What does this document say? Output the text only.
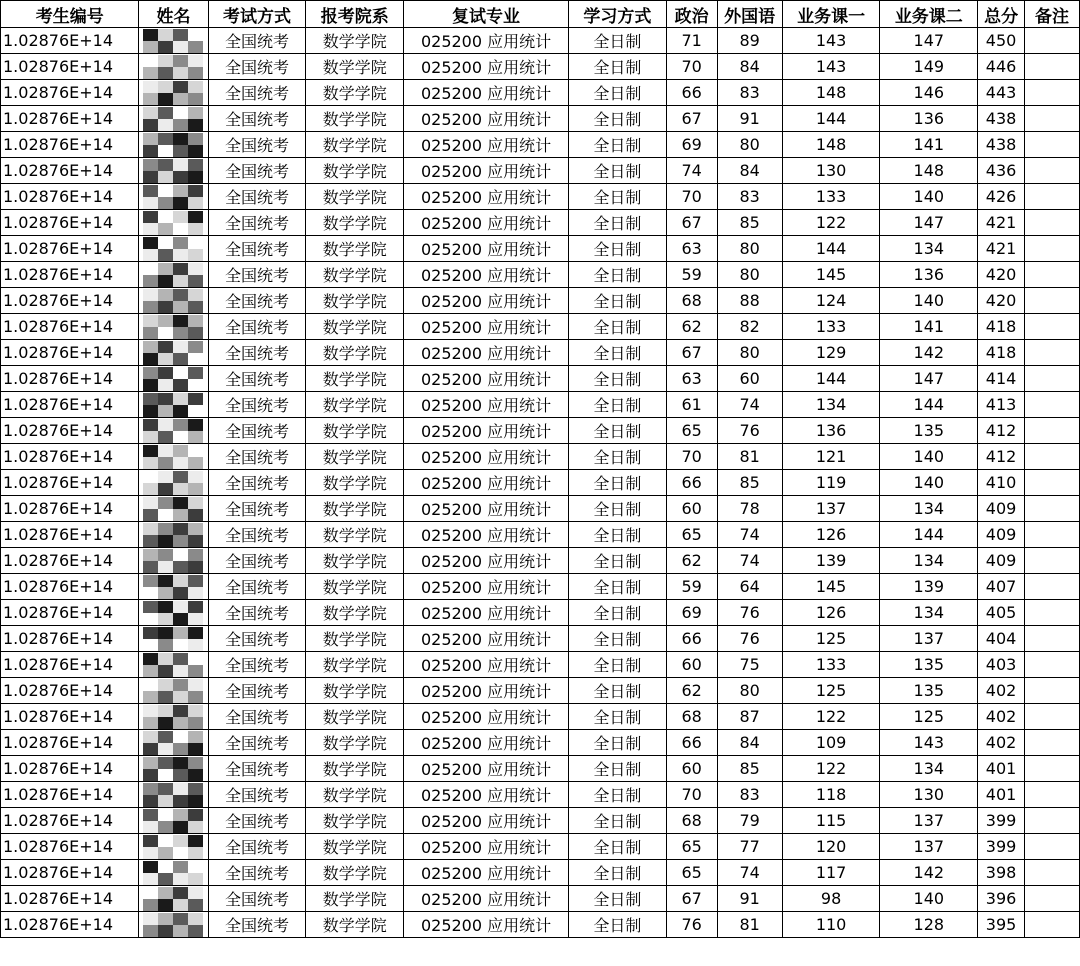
考生编号	姓名	考试方式	报考院系	复试专业	学习方式	政治	外国语	业务课一	业务课二	总分	备注
1.02876E+14		全国统考	数学学院	025200 应用统计	全日制	71	89	143	147	450	
1.02876E+14		全国统考	数学学院	025200 应用统计	全日制	70	84	143	149	446	
1.02876E+14		全国统考	数学学院	025200 应用统计	全日制	66	83	148	146	443	
1.02876E+14		全国统考	数学学院	025200 应用统计	全日制	67	91	144	136	438	
1.02876E+14		全国统考	数学学院	025200 应用统计	全日制	69	80	148	141	438	
1.02876E+14		全国统考	数学学院	025200 应用统计	全日制	74	84	130	148	436	
1.02876E+14		全国统考	数学学院	025200 应用统计	全日制	70	83	133	140	426	
1.02876E+14		全国统考	数学学院	025200 应用统计	全日制	67	85	122	147	421	
1.02876E+14		全国统考	数学学院	025200 应用统计	全日制	63	80	144	134	421	
1.02876E+14		全国统考	数学学院	025200 应用统计	全日制	59	80	145	136	420	
1.02876E+14		全国统考	数学学院	025200 应用统计	全日制	68	88	124	140	420	
1.02876E+14		全国统考	数学学院	025200 应用统计	全日制	62	82	133	141	418	
1.02876E+14		全国统考	数学学院	025200 应用统计	全日制	67	80	129	142	418	
1.02876E+14		全国统考	数学学院	025200 应用统计	全日制	63	60	144	147	414	
1.02876E+14		全国统考	数学学院	025200 应用统计	全日制	61	74	134	144	413	
1.02876E+14		全国统考	数学学院	025200 应用统计	全日制	65	76	136	135	412	
1.02876E+14		全国统考	数学学院	025200 应用统计	全日制	70	81	121	140	412	
1.02876E+14		全国统考	数学学院	025200 应用统计	全日制	66	85	119	140	410	
1.02876E+14		全国统考	数学学院	025200 应用统计	全日制	60	78	137	134	409	
1.02876E+14		全国统考	数学学院	025200 应用统计	全日制	65	74	126	144	409	
1.02876E+14		全国统考	数学学院	025200 应用统计	全日制	62	74	139	134	409	
1.02876E+14		全国统考	数学学院	025200 应用统计	全日制	59	64	145	139	407	
1.02876E+14		全国统考	数学学院	025200 应用统计	全日制	69	76	126	134	405	
1.02876E+14		全国统考	数学学院	025200 应用统计	全日制	66	76	125	137	404	
1.02876E+14		全国统考	数学学院	025200 应用统计	全日制	60	75	133	135	403	
1.02876E+14		全国统考	数学学院	025200 应用统计	全日制	62	80	125	135	402	
1.02876E+14		全国统考	数学学院	025200 应用统计	全日制	68	87	122	125	402	
1.02876E+14		全国统考	数学学院	025200 应用统计	全日制	66	84	109	143	402	
1.02876E+14		全国统考	数学学院	025200 应用统计	全日制	60	85	122	134	401	
1.02876E+14		全国统考	数学学院	025200 应用统计	全日制	70	83	118	130	401	
1.02876E+14		全国统考	数学学院	025200 应用统计	全日制	68	79	115	137	399	
1.02876E+14		全国统考	数学学院	025200 应用统计	全日制	65	77	120	137	399	
1.02876E+14		全国统考	数学学院	025200 应用统计	全日制	65	74	117	142	398	
1.02876E+14		全国统考	数学学院	025200 应用统计	全日制	67	91	98	140	396	
1.02876E+14		全国统考	数学学院	025200 应用统计	全日制	76	81	110	128	395	
